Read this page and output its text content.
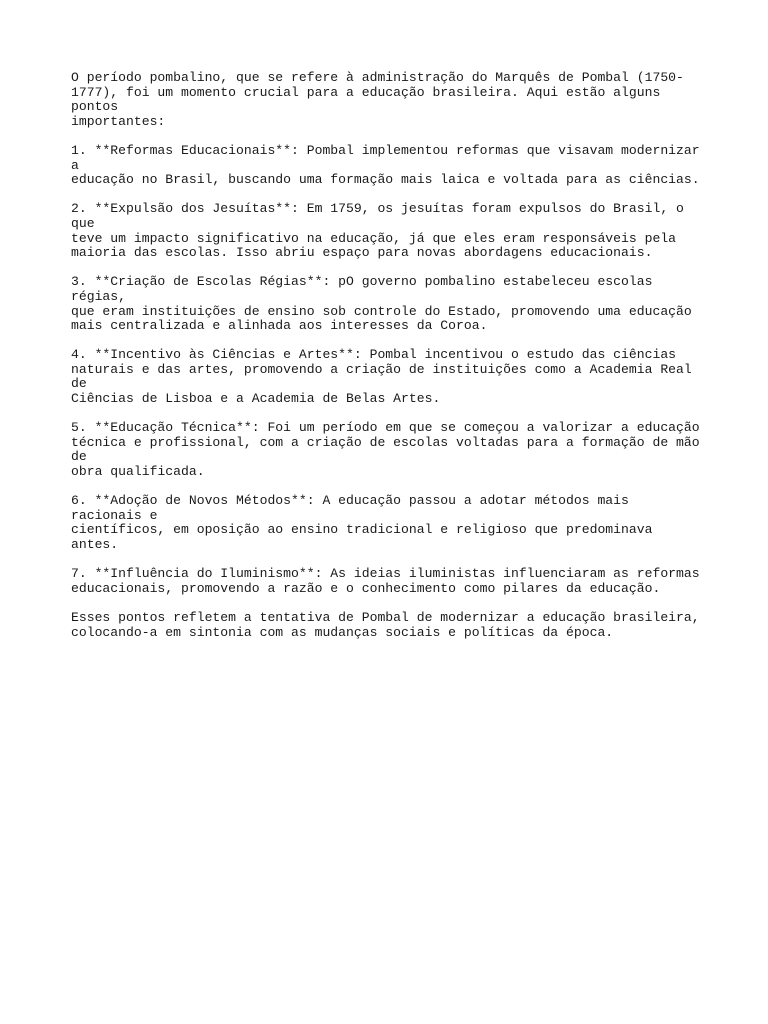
O período pombalino, que se refere à administração do Marquês de Pombal (1750-
1777), foi um momento crucial para a educação brasileira. Aqui estão alguns pontos
importantes:

1. **Reformas Educacionais**: Pombal implementou reformas que visavam modernizar a
educação no Brasil, buscando uma formação mais laica e voltada para as ciências.

2. **Expulsão dos Jesuítas**: Em 1759, os jesuítas foram expulsos do Brasil, o que
teve um impacto significativo na educação, já que eles eram responsáveis pela
maioria das escolas. Isso abriu espaço para novas abordagens educacionais.

3. **Criação de Escolas Régias**: pO governo pombalino estabeleceu escolas régias,
que eram instituições de ensino sob controle do Estado, promovendo uma educação
mais centralizada e alinhada aos interesses da Coroa.

4. **Incentivo às Ciências e Artes**: Pombal incentivou o estudo das ciências
naturais e das artes, promovendo a criação de instituições como a Academia Real de
Ciências de Lisboa e a Academia de Belas Artes.

5. **Educação Técnica**: Foi um período em que se começou a valorizar a educação
técnica e profissional, com a criação de escolas voltadas para a formação de mão de
obra qualificada.

6. **Adoção de Novos Métodos**: A educação passou a adotar métodos mais racionais e
científicos, em oposição ao ensino tradicional e religioso que predominava antes.

7. **Influência do Iluminismo**: As ideias iluministas influenciaram as reformas
educacionais, promovendo a razão e o conhecimento como pilares da educação.

Esses pontos refletem a tentativa de Pombal de modernizar a educação brasileira,
colocando-a em sintonia com as mudanças sociais e políticas da época.
